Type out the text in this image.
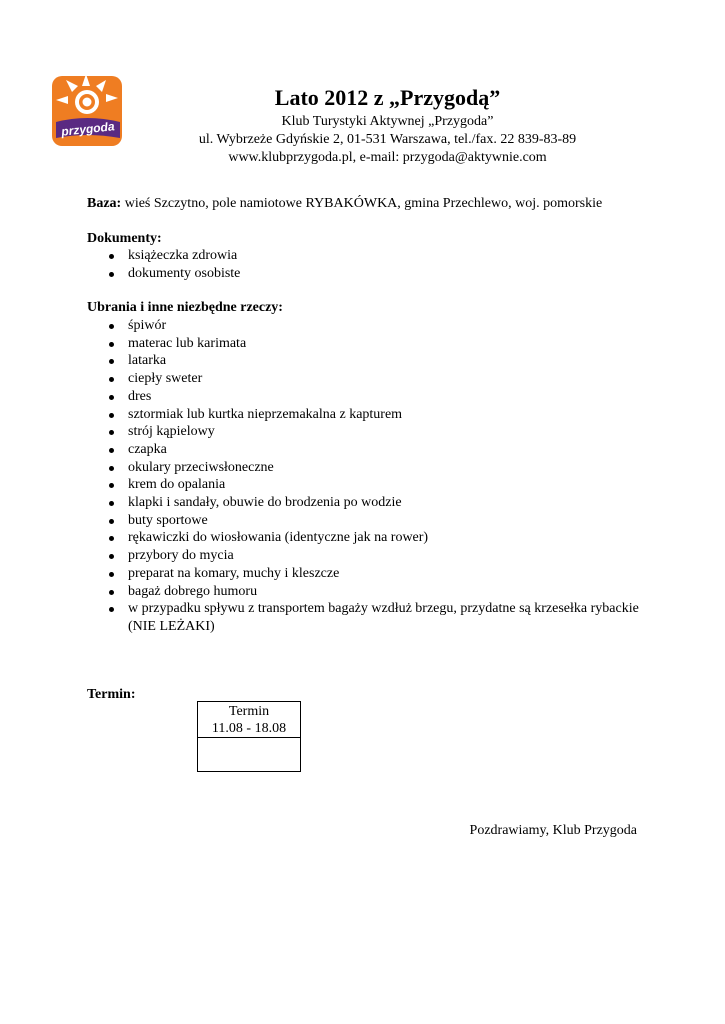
przygoda
Lato 2012 z „Przygodą”
Klub Turystyki Aktywnej „Przygoda”
ul. Wybrzeże Gdyńskie 2, 01-531 Warszawa, tel./fax. 22 839-83-89
www.klubprzygoda.pl, e-mail: przygoda@aktywnie.com
Baza: wieś Szczytno, pole namiotowe RYBAKÓWKA, gmina Przechlewo, woj. pomorskie
Dokumenty:
książeczka zdrowia
dokumenty osobiste
Ubrania i inne niezbędne rzeczy:
śpiwór
materac lub karimata
latarka
ciepły sweter
dres
sztormiak lub kurtka nieprzemakalna z kapturem
strój kąpielowy
czapka
okulary przeciwsłoneczne
krem do opalania
klapki i sandały, obuwie do brodzenia po wodzie
buty sportowe
rękawiczki do wiosłowania (identyczne jak na rower)
przybory do mycia
preparat na komary, muchy i kleszcze
bagaż dobrego humoru
w przypadku spływu z transportem bagaży wzdłuż brzegu, przydatne są krzesełka rybackie (NIE LEŻAKI)
Termin:
Termin
11.08 - 18.08
Pozdrawiamy, Klub Przygoda
